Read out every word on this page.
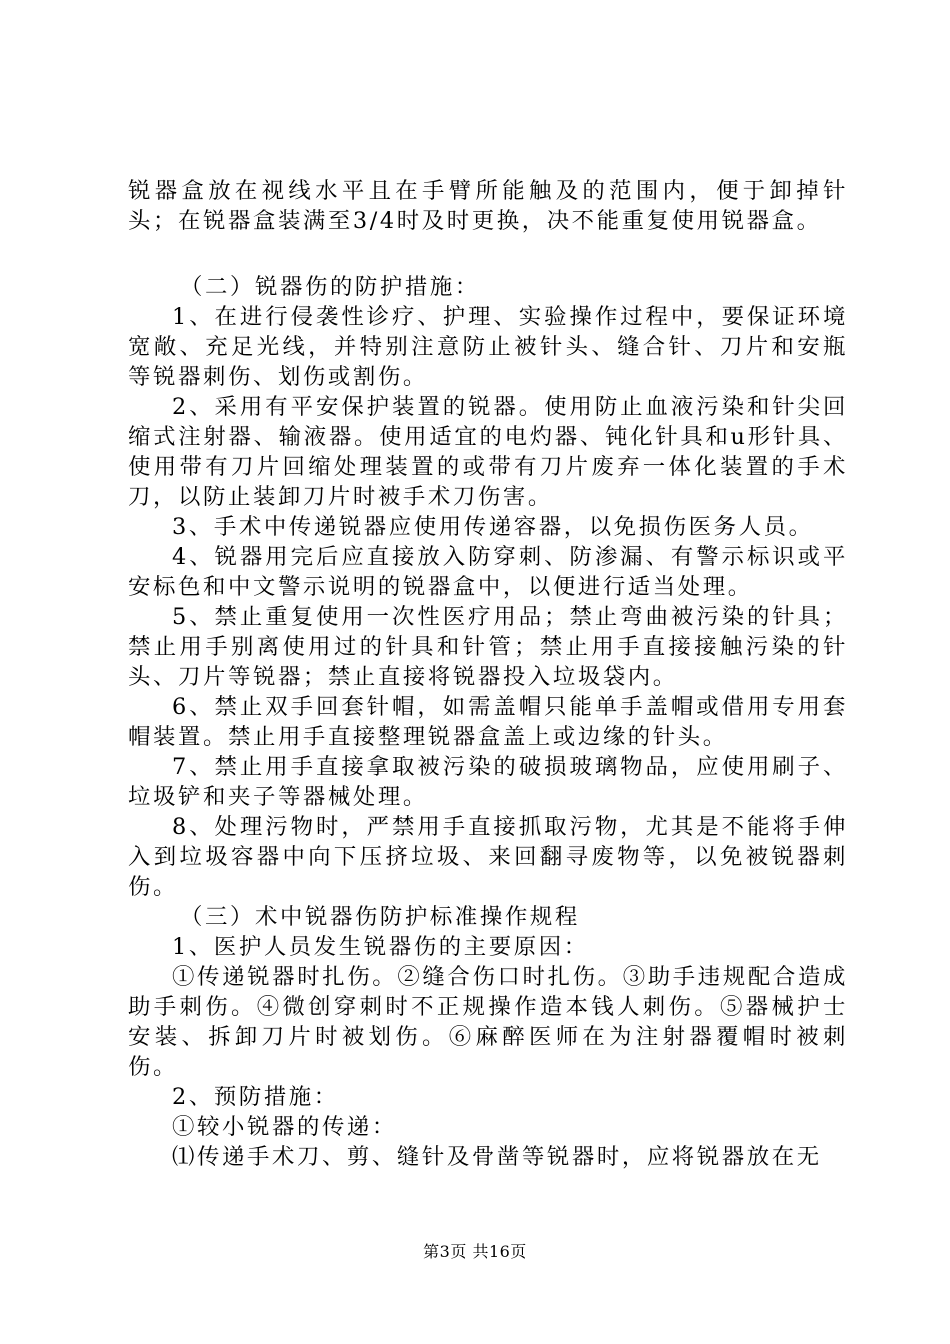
锐器盒放在视线水平且在手臂所能触及的范围内，便于卸掉针头；在锐器盒装满至3/4时及时更换，决不能重复使用锐器盒。

（二）锐器伤的防护措施：

1、在进行侵袭性诊疗、护理、实验操作过程中，要保证环境宽敞、充足光线，并特别注意防止被针头、缝合针、刀片和安瓶等锐器刺伤、划伤或割伤。

2、采用有平安保护装置的锐器。使用防止血液污染和针尖回缩式注射器、输液器。使用适宜的电灼器、钝化针具和u形针具、使用带有刀片回缩处理装置的或带有刀片废弃一体化装置的手术刀，以防止装卸刀片时被手术刀伤害。

3、手术中传递锐器应使用传递容器，以免损伤医务人员。

4、锐器用完后应直接放入防穿刺、防渗漏、有警示标识或平安标色和中文警示说明的锐器盒中，以便进行适当处理。

5、禁止重复使用一次性医疗用品；禁止弯曲被污染的针具；禁止用手别离使用过的针具和针管；禁止用手直接接触污染的针头、刀片等锐器；禁止直接将锐器投入垃圾袋内。

6、禁止双手回套针帽，如需盖帽只能单手盖帽或借用专用套帽装置。禁止用手直接整理锐器盒盖上或边缘的针头。

7、禁止用手直接拿取被污染的破损玻璃物品，应使用刷子、垃圾铲和夹子等器械处理。

8、处理污物时，严禁用手直接抓取污物，尤其是不能将手伸入到垃圾容器中向下压挤垃圾、来回翻寻废物等，以免被锐器刺伤。

（三）术中锐器伤防护标准操作规程

1、医护人员发生锐器伤的主要原因：

①传递锐器时扎伤。②缝合伤口时扎伤。③助手违规配合造成助手刺伤。④微创穿刺时不正规操作造本钱人刺伤。⑤器械护士安装、拆卸刀片时被划伤。⑥麻醉医师在为注射器覆帽时被刺伤。

2、预防措施：

①较小锐器的传递：

⑴传递手术刀、剪、缝针及骨凿等锐器时，应将锐器放在无

第3页 共16页
